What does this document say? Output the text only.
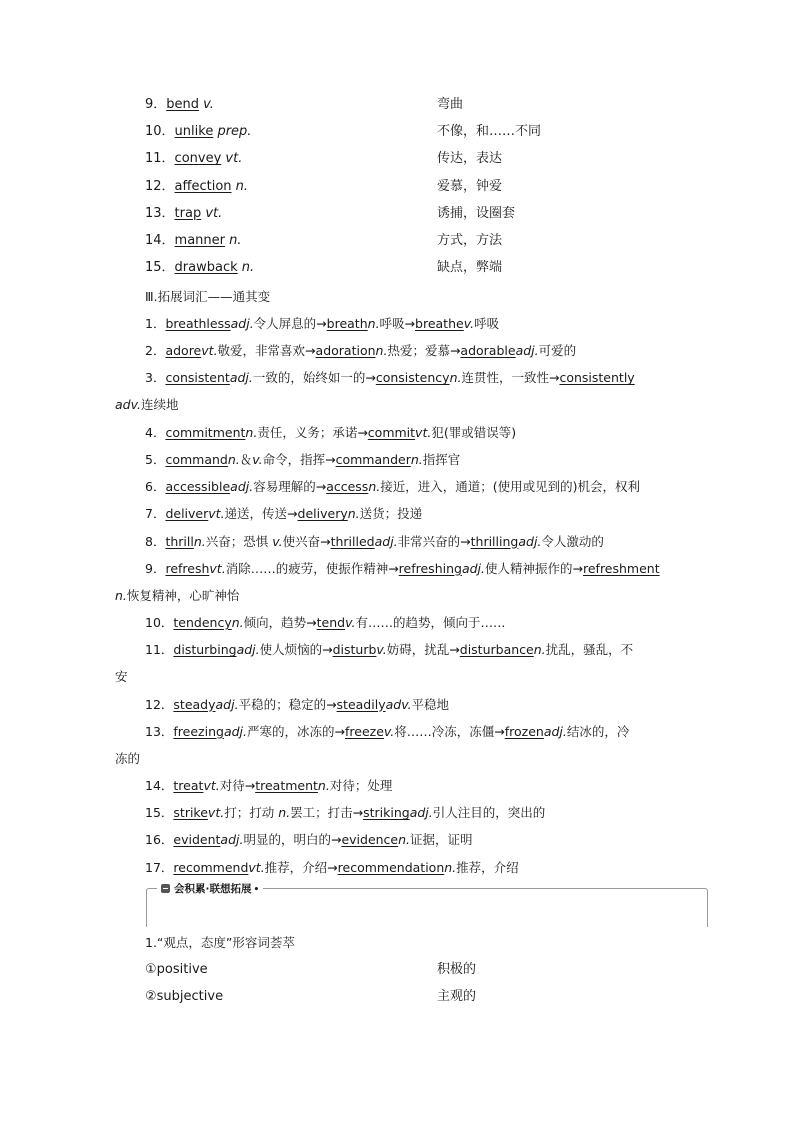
9．bend v.	弯曲
10．unlike prep.	不像，和……不同
11．convey vt.	传达，表达
12．affection n.	爱慕，钟爱
13．trap vt.	诱捕，设圈套
14．manner n.	方式，方法
15．drawback n.	缺点，弊端
Ⅲ.拓展词汇——通其变
1．breathlessadj.令人屏息的→breathn.呼吸→breathev.呼吸
2．adorevt.敬爱，非常喜欢→adorationn.热爱；爱慕→adorableadj.可爱的
3．consistentadj.一致的，始终如一的→consistencyn.连贯性，一致性→consistently
adv.连续地
4．commitmentn.责任，义务；承诺→commitvt.犯(罪或错误等)
5．commandn.＆v.命令，指挥→commandern.指挥官
6．accessibleadj.容易理解的→accessn.接近，进入，通道；(使用或见到的)机会，权利
7．delivervt.递送，传送→deliveryn.送货；投递
8．thrilln.兴奋；恐惧 v.使兴奋→thrilledadj.非常兴奋的→thrillingadj.令人激动的
9．refreshvt.消除……的疲劳，使振作精神→refreshingadj.使人精神振作的→refreshment
n.恢复精神，心旷神怡
10．tendencyn.倾向，趋势→tendv.有……的趋势，倾向于……
11．disturbingadj.使人烦恼的→disturbv.妨碍，扰乱→disturbancen.扰乱，骚乱，不
安
12．steadyadj.平稳的；稳定的→steadilyadv.平稳地
13．freezingadj.严寒的，冰冻的→freezev.将……冷冻，冻僵→frozenadj.结冰的，冷
冻的
14．treatvt.对待→treatmentn.对待；处理
15．strikevt.打；打动 n.罢工；打击→strikingadj.引人注目的，突出的
16．evidentadj.明显的，明白的→evidencen.证据，证明
17．recommendvt.推荐，介绍→recommendationn.推荐，介绍
会积累·联想拓展 •
1.“观点，态度”形容词荟萃
①positive	积极的
②subjective	主观的
